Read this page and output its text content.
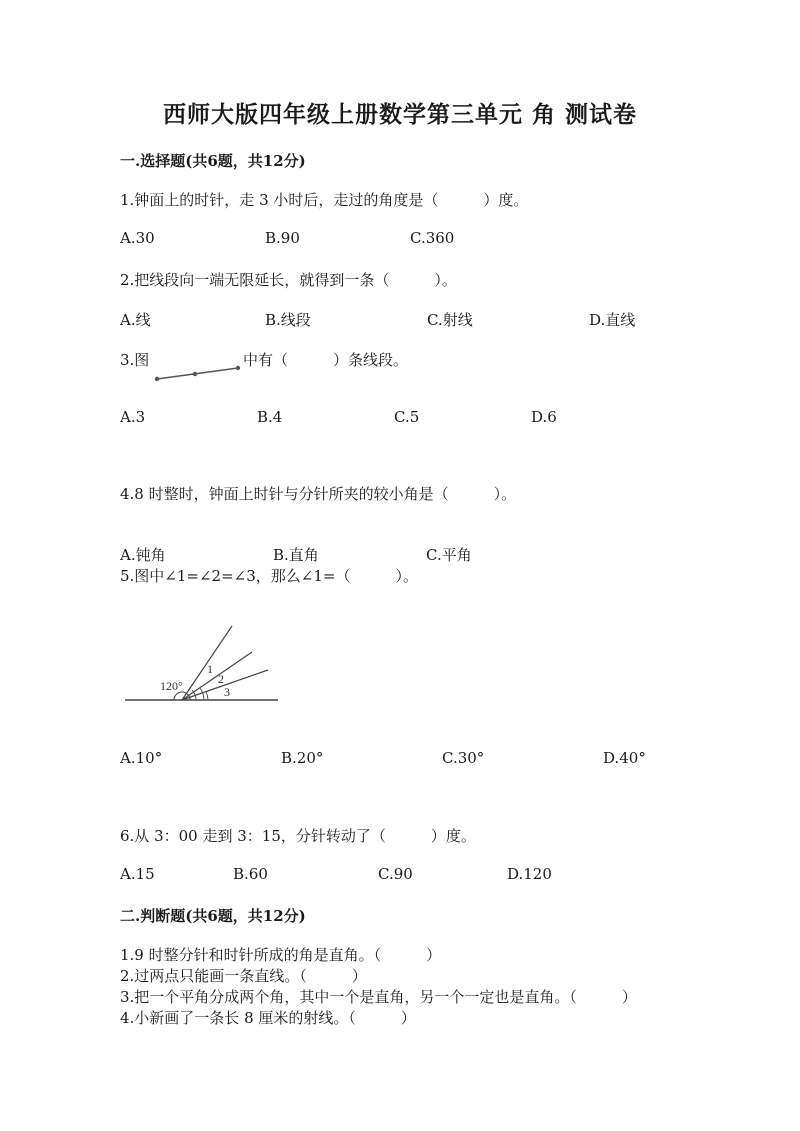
西师大版四年级上册数学第三单元 角 测试卷
一.选择题(共6题，共12分)
1.钟面上的时针，走 3 小时后，走过的角度是（　　　）度。
A.30	B.90	C.360
2.把线段向一端无限延长，就得到一条（　　　）。
A.线	B.线段	C.射线	D.直线
3.图	中有（　　　）条线段。
A.3	B.4	C.5	D.6
4.8 时整时，钟面上时针与分针所夹的较小角是（　　　）。
A.钝角	B.直角	C.平角
5.图中∠1=∠2=∠3，那么∠1=（　　　）。
120°
1
2
3
A.10°	B.20°	C.30°	D.40°
6.从 3：00 走到 3：15，分针转动了（　　　）度。
A.15	B.60	C.90	D.120
二.判断题(共6题，共12分)
1.9 时整分针和时针所成的角是直角。（　　　）
2.过两点只能画一条直线。（　　　）
3.把一个平角分成两个角，其中一个是直角，另一个一定也是直角。（　　　）
4.小新画了一条长 8 厘米的射线。（　　　）
